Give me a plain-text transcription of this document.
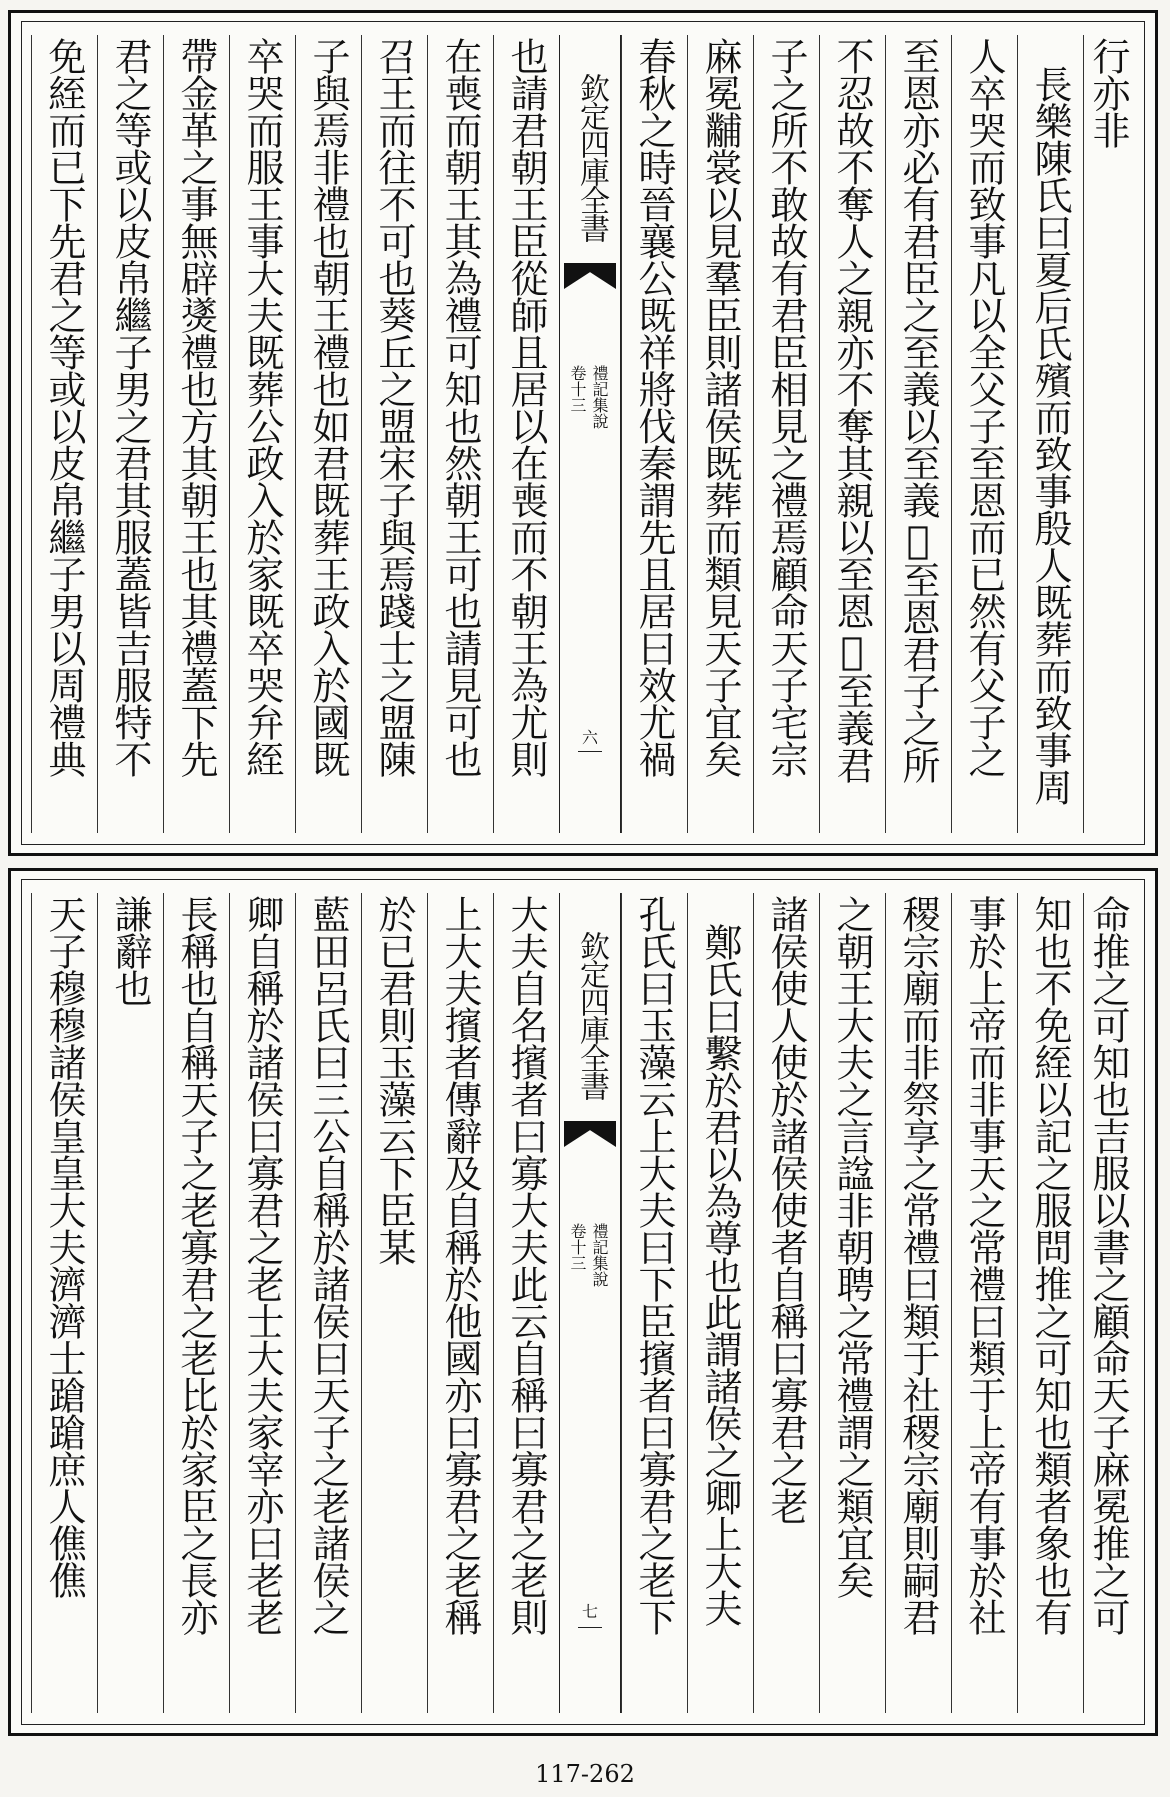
行亦非
長樂陳氏曰夏后氏殯而致事殷人既葬而致事周
人卒哭而致事凡以全父子至恩而已然有父子之
至恩亦必有君臣之至義以至義𢚩至恩君子之所
不忍故不奪人之親亦不奪其親以至恩𢚩至義君
子之所不敢故有君臣相見之禮焉顧命天子宅宗
麻冕黼裳以見羣臣則諸侯既葬而類見天子宜矣
春秋之時晉襄公既祥將伐秦謂先且居曰效尤禍
欽定四庫全書
禮記集說
卷十三
六
也請君朝王臣從師且居以在喪而不朝王為尤則
在喪而朝王其為禮可知也然朝王可也請見可也
召王而往不可也葵丘之盟宋子與焉踐士之盟陳
子與焉非禮也朝王禮也如君既葬王政入於國既
卒哭而服王事大夫既葬公政入於家既卒哭弁絰
帶金革之事無辟㸂禮也方其朝王也其禮蓋下先
君之等或以皮帛繼子男之君其服蓋皆吉服特不
免絰而已下先君之等或以皮帛繼子男以周禮典
命推之可知也吉服以書之顧命天子麻冕推之可
知也不免絰以記之服問推之可知也類者象也有
事於上帝而非事天之常禮曰類于上帝有事於社
稷宗廟而非祭享之常禮曰類于社稷宗廟則嗣君
之朝王大夫之言諡非朝聘之常禮謂之類宜矣
諸侯使人使於諸侯使者自稱曰寡君之老
鄭氏曰繫於君以為尊也此謂諸侯之卿上大夫
孔氏曰玉藻云上大夫曰下臣擯者曰寡君之老下
欽定四庫全書
禮記集說
卷十三
七
大夫自名擯者曰寡大夫此云自稱曰寡君之老則
上大夫擯者傳辭及自稱於他國亦曰寡君之老稱
於已君則玉藻云下臣某
藍田呂氏曰三公自稱於諸侯曰天子之老諸侯之
卿自稱於諸侯曰寡君之老士大夫家宰亦曰老老
長稱也自稱天子之老寡君之老比於家臣之長亦
謙辭也
天子穆穆諸侯皇皇大夫濟濟士蹌蹌庶人僬僬
117-262
